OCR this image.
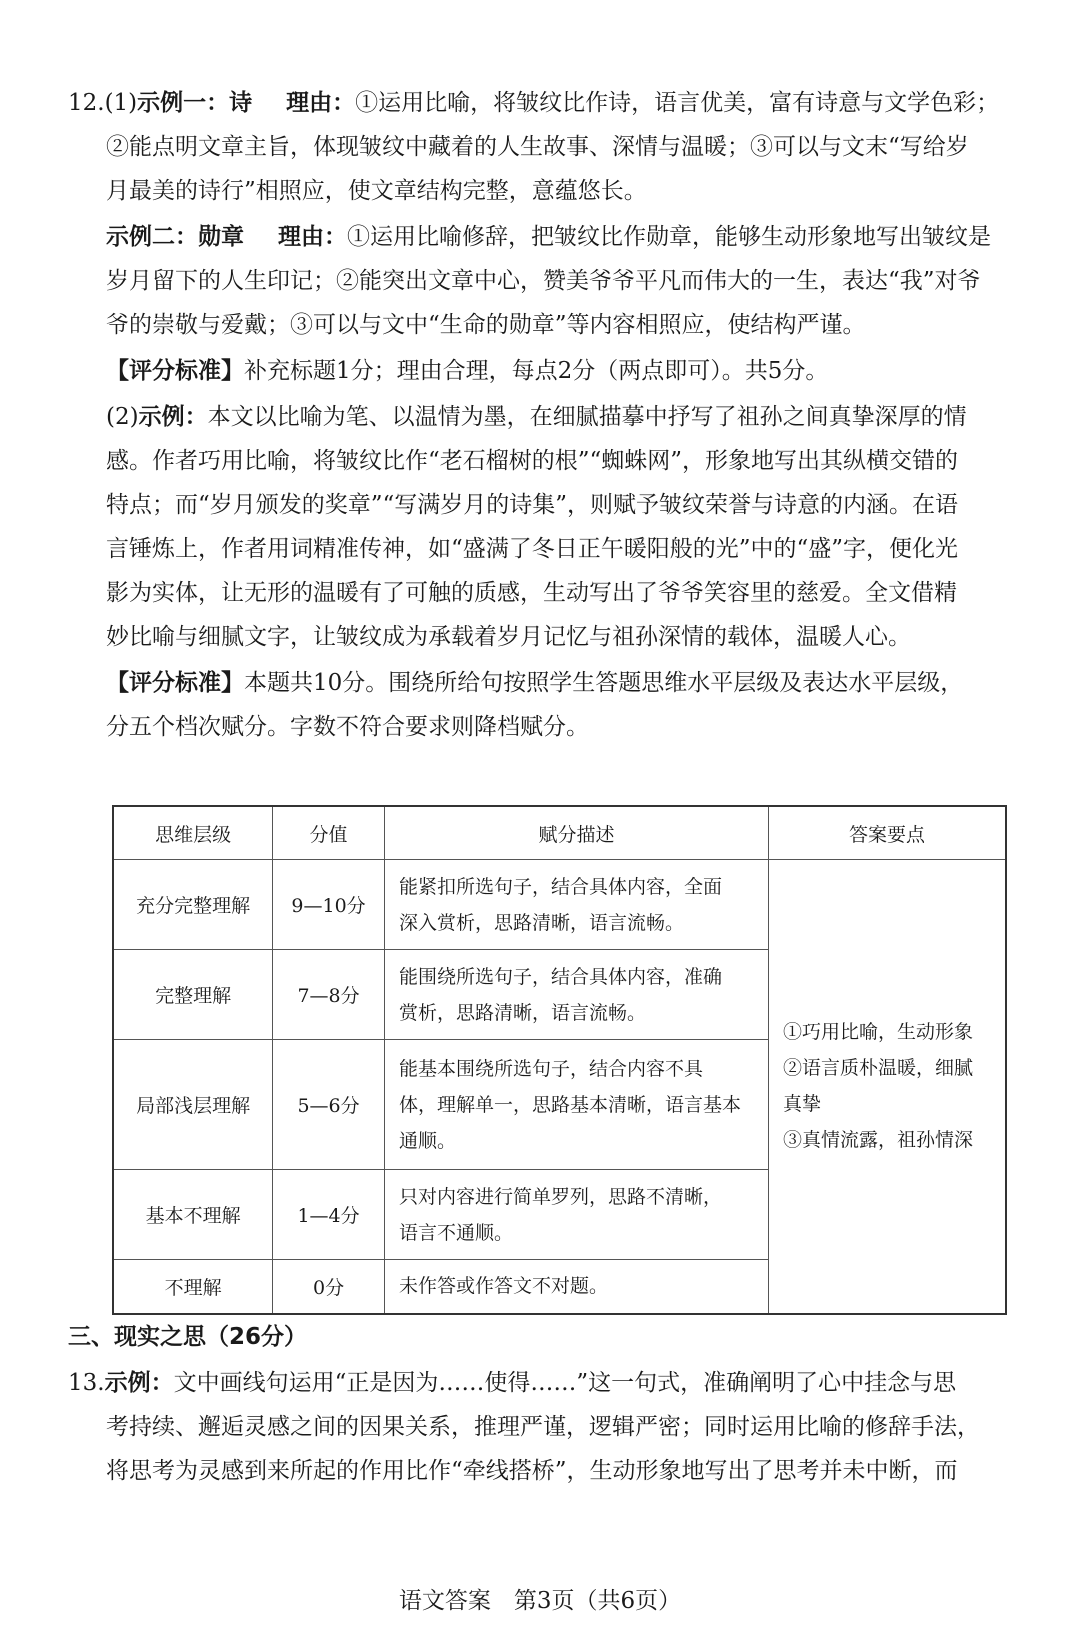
12.(1)示例一：诗 理由：①运用比喻，将皱纹比作诗，语言优美，富有诗意与文学色彩；

②能点明文章主旨，体现皱纹中藏着的人生故事、深情与温暖；③可以与文末“写给岁

月最美的诗行”相照应，使文章结构完整，意蕴悠长。

示例二：勋章 理由：①运用比喻修辞，把皱纹比作勋章，能够生动形象地写出皱纹是

岁月留下的人生印记；②能突出文章中心，赞美爷爷平凡而伟大的一生，表达“我”对爷

爷的崇敬与爱戴；③可以与文中“生命的勋章”等内容相照应，使结构严谨。

【评分标准】补充标题1分；理由合理，每点2分（两点即可）。共5分。

(2)示例：本文以比喻为笔、以温情为墨，在细腻描摹中抒写了祖孙之间真挚深厚的情

感。作者巧用比喻，将皱纹比作“老石榴树的根”“蜘蛛网”，形象地写出其纵横交错的

特点；而“岁月颁发的奖章”“写满岁月的诗集”，则赋予皱纹荣誉与诗意的内涵。在语

言锤炼上，作者用词精准传神，如“盛满了冬日正午暖阳般的光”中的“盛”字，便化光

影为实体，让无形的温暖有了可触的质感，生动写出了爷爷笑容里的慈爱。全文借精

妙比喻与细腻文字，让皱纹成为承载着岁月记忆与祖孙深情的载体，温暖人心。

【评分标准】本题共10分。围绕所给句按照学生答题思维水平层级及表达水平层级，

分五个档次赋分。字数不符合要求则降档赋分。

思维层级	分值	赋分描述	答案要点
充分完整理解	9—10分	能紧扣所选句子，结合具体内容，全面
深入赏析，思路清晰，语言流畅。	①巧用比喻，生动形象
②语言质朴温暖，细腻
真挚
③真情流露，祖孙情深
完整理解	7—8分	能围绕所选句子，结合具体内容，准确
赏析，思路清晰，语言流畅。	
局部浅层理解	5—6分	能基本围绕所选句子，结合内容不具
体，理解单一，思路基本清晰，语言基本
通顺。	
基本不理解	1—4分	只对内容进行简单罗列，思路不清晰，
语言不通顺。	
不理解	0分	未作答或作答文不对题。	

三、现实之思（26分）

13.示例：文中画线句运用“正是因为……使得……”这一句式，准确阐明了心中挂念与思

考持续、邂逅灵感之间的因果关系，推理严谨，逻辑严密；同时运用比喻的修辞手法，

将思考为灵感到来所起的作用比作“牵线搭桥”，生动形象地写出了思考并未中断，而

语文答案　第3页（共6页）
